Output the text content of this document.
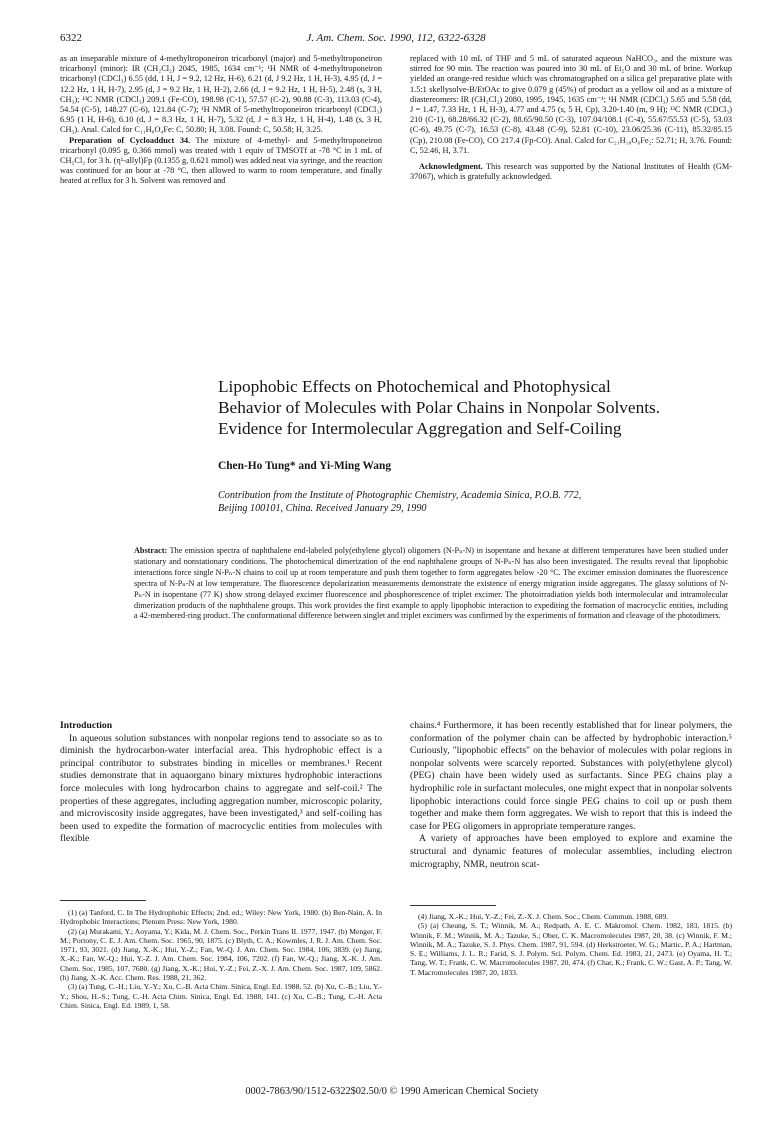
6322	J. Am. Chem. Soc. 1990, 112, 6322-6328

as an inseparable mixture of 4-methyltroponeiron tricarbonyl (major) and 5-methyltroponeiron tricarbonyl (minor): IR (CH₂Cl₂) 2045, 1985, 1634 cm⁻¹; ¹H NMR of 4-methyltroponeiron tricarbonyl (CDCl₃) 6.55 (dd, 1 H, J = 9.2, 12 Hz, H-6), 6.21 (d, J 9.2 Hz, 1 H, H-3), 4.95 (d, J = 12.2 Hz, 1 H, H-7), 2.95 (d, J = 9.2 Hz, 1 H, H-2), 2.66 (d, J = 9.2 Hz, 1 H, H-5), 2.48 (s, 3 H, CH₃); ¹³C NMR (CDCl₃) 209.1 (Fe-CO), 198.98 (C-1), 57.57 (C-2), 90.88 (C-3), 113.03 (C-4), 54.54 (C-5), 148.27 (C-6), 121.84 (C-7); ¹H NMR of 5-methyltroponeiron tricarbonyl (CDCl₃) 6.95 (1 H, H-6), 6.10 (d, J = 8.3 Hz, 1 H, H-7), 5.32 (d, J = 8.3 Hz, 1 H, H-4), 1.48 (s, 3 H, CH₃). Anal. Calcd for C₁₁H₈O₄Fe: C, 50.80; H, 3.08. Found: C, 50.58; H, 3.25.

Preparation of Cycloadduct 34. The mixture of 4-methyl- and 5-methyltroponeiron tricarbonyl (0.095 g, 0.366 mmol) was treated with 1 equiv of TMSOTf at -78 °C in 1 mL of CH₂Cl₂ for 3 h. (η¹-allyl)Fp (0.1355 g, 0.621 mmol) was added neat via syringe, and the reaction was continued for an hour at -78 °C, then allowed to warm to room temperature, and finally heated at reflux for 3 h. Solvent was removed and

replaced with 10 mL of THF and 5 mL of saturated aqueous NaHCO₃, and the mixture was stirred for 90 min. The reaction was poured into 30 mL of Et₂O and 30 mL of brine. Workup yielded an orange-red residue which was chromatographed on a silica gel preparative plate with 1.5:1 skellysolve-B/EtOAc to give 0.079 g (45%) of product as a yellow oil and as a mixture of diastereomers: IR (CH₂Cl₂) 2080, 1995, 1945, 1635 cm⁻¹; ¹H NMR (CDCl₃) 5.65 and 5.58 (dd, J = 1.47, 7.33 Hz, 1 H, H-3), 4.77 and 4.75 (s, 5 H, Cp), 3.20-1.40 (m, 9 H); ¹³C NMR (CDCl₃) 210 (C-1), 68.28/66.32 (C-2), 88.65/90.50 (C-3), 107.04/108.1 (C-4), 55.67/55.53 (C-5), 53.03 (C-6), 49.75 (C-7), 16.53 (C-8), 43.48 (C-9), 52.81 (C-10), 23.06/25.36 (C-11), 85.32/85.15 (Cp), 210.08 (Fe-CO), CO 217.4 (Fp-CO). Anal. Calcd for C₂₁H₁₈O₆Fe₂: 52.71; H, 3.76. Found: C, 52.46, H, 3.71.

Acknowledgment. This research was supported by the National Institutes of Health (GM-37067), which is gratefully acknowledged.

Lipophobic Effects on Photochemical and Photophysical
Behavior of Molecules with Polar Chains in Nonpolar Solvents.
Evidence for Intermolecular Aggregation and Self-Coiling
Chen-Ho Tung* and Yi-Ming Wang
Contribution from the Institute of Photographic Chemistry, Academia Sinica, P.O.B. 772,
Beijing 100101, China. Received January 29, 1990
Abstract: The emission spectra of naphthalene end-labeled poly(ethylene glycol) oligomers (N-Pₙ-N) in isopentane and hexane at different temperatures have been studied under stationary and nonstationary conditions. The photochemical dimerization of the end naphthalene groups of N-Pₙ-N has also been investigated. The results reveal that lipophobic interactions force single N-Pₙ-N chains to coil up at room temperature and push them together to form aggregates below -20 °C. The excimer emission dominates the fluorescence spectra of N-Pₙ-N at low temperature. The fluorescence depolarization measurements demonstrate the existence of energy migration inside aggregates. The glassy solutions of N-Pₙ-N in isopentane (77 K) show strong delayed excimer fluorescence and phosphorescence of triplet excimer. The photoirradiation yields both intermolecular and intramolecular dimerization products of the naphthalene groups. This work provides the first example to apply lipophobic interaction to expediting the formation of macrocyclic entities, including a 42-membered-ring product. The conformational difference between singlet and triplet excimers was confirmed by the experiments of formation and cleavage of the photodimers.

Introduction

In aqueous solution substances with nonpolar regions tend to associate so as to diminish the hydrocarbon-water interfacial area. This hydrophobic effect is a principal contributor to substrates binding in micelles or membranes.¹ Recent studies demonstrate that in aquaorgano binary mixtures hydrophobic interactions force molecules with long hydrocarbon chains to aggregate and self-coil.² The properties of these aggregates, including aggregation number, microscopic polarity, and microviscosity inside aggregates, have been investigated,³ and self-coiling has been used to expedite the formation of macrocyclic entities from molecules with flexible

chains.⁴ Furthermore, it has been recently established that for linear polymers, the conformation of the polymer chain can be affected by hydrophobic interaction.⁵ Curiously, "lipophobic effects" on the behavior of molecules with polar regions in nonpolar solvents were scarcely reported. Substances with poly(ethylene glycol) (PEG) chain have been widely used as surfactants. Since PEG chains play a hydrophilic role in surfactant molecules, one might expect that in nonpolar solvents lipophobic interactions could force single PEG chains to coil up or push them together and make them form aggregates. We wish to report that this is indeed the case for PEG oligomers in appropriate temperature ranges.

A variety of approaches have been employed to explore and examine the structural and dynamic features of molecular assemblies, including electron micrography, NMR, neutron scat-

(1) (a) Tanford, C. In The Hydrophobic Effects; 2nd. ed.; Wiley: New York, 1980. (b) Ben-Nain, A. In Hydrophobic Interactions; Plenum Press: New York, 1980.

(2) (a) Murakami, Y.; Aoyama, Y.; Kida, M. J. Chem. Soc., Perkin Trans II. 1977, 1947. (b) Menger, F. M.; Portony, C. E. J. Am. Chem. Soc. 1965, 90, 1875. (c) Blyth, C. A.; Kowmles, J. R. J. Am. Chem. Soc. 1971, 93, 3021. (d) Jiang, X.-K.; Hui, Y.-Z.; Fan, W.-Q. J. Am. Chem. Soc. 1984, 106, 3839. (e) Jiang, X.-K.; Fan, W.-Q.; Hui, Y.-Z. J. Am. Chem. Soc. 1984, 106, 7202. (f) Fan, W.-Q.; Jiang, X.-K. J. Am. Chem. Soc. 1985, 107, 7680. (g) Jiang, X.-K.; Hui, Y.-Z.; Fei, Z.-X. J. Am. Chem. Soc. 1987, 109, 5862. (h) Jiang, X.-K. Acc. Chem. Res. 1988, 21, 362.

(3) (a) Tung, C.-H.; Liu, Y.-Y.; Xu, C.-B. Acta Chim. Sinica, Engl. Ed. 1988, 52. (b) Xu, C.-B.; Liu, Y.-Y.; Shou, H.-S.; Tung, C.-H. Acta Chim. Sinica, Engl. Ed. 1988, 141. (c) Xu, C.-B.; Tung, C.-H. Acta Chim. Sinica, Engl. Ed. 1989, 1, 58.

(4) Jiang, X.-K.; Hui, Y.-Z.; Fei, Z.-X. J. Chem. Soc., Chem. Commun. 1988, 689.

(5) (a) Cheung, S. T.; Winnik, M. A.; Redpath, A. E. C. Makromol. Chem. 1982, 183, 1815. (b) Winnik, F. M.; Winnik, M. A.; Tazuke, S.; Ober, C. K. Macromolecules 1987, 20, 38. (c) Winnik, F. M.; Winnik, M. A.; Tazuke, S. J. Phys. Chem. 1987, 91, 594. (d) Herkstroeter, W. G.; Martic, P. A.; Hartman, S. E.; Williams, J. L. R.; Farid, S. J. Polym. Sci. Polym. Chem. Ed. 1983, 21, 2473. (e) Oyama, H. T.; Tang, W. T.; Frank, C. W. Macromolecules 1987, 20, 474. (f) Char, K.; Frank, C. W.; Gast, A. P.; Tang, W. T. Macromolecules 1987, 20, 1833.

0002-7863/90/1512-6322$02.50/0 © 1990 American Chemical Society
